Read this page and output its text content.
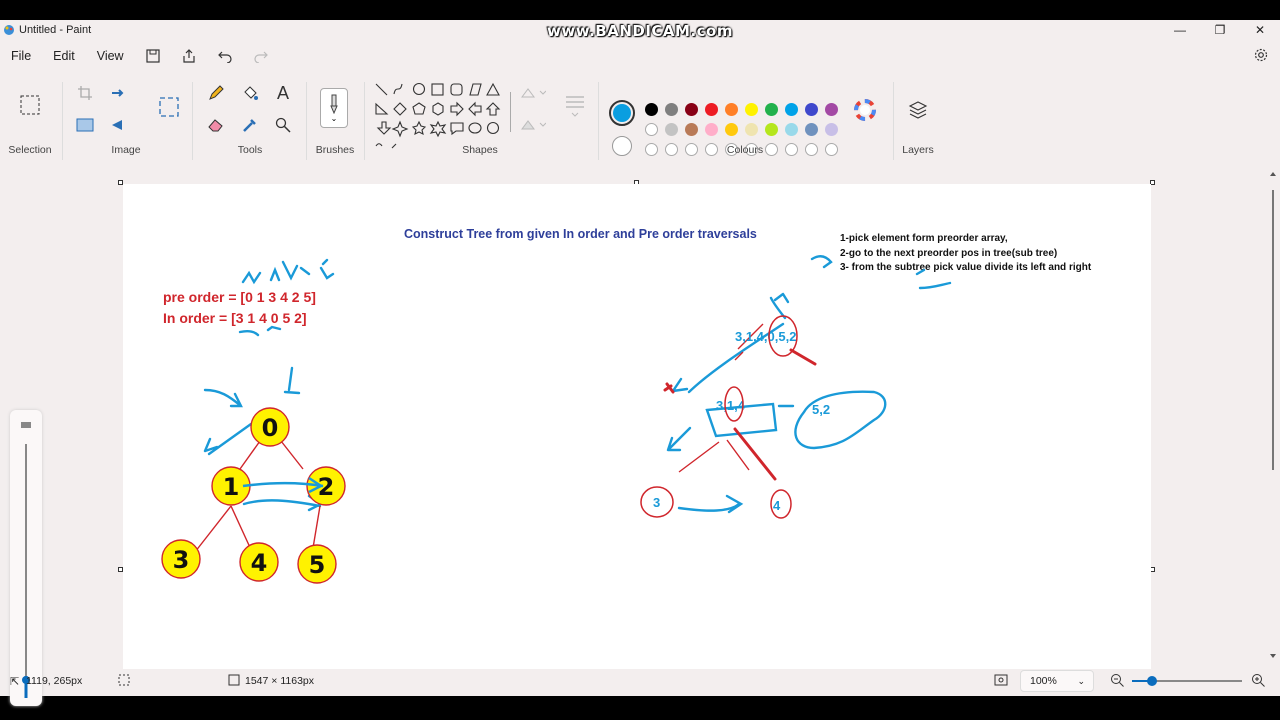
www.BANDICAM.com
Untitled - Paint	—	❐	✕
File	Edit	View
Selection	Image
A
Tools
⌄
Brushes	Shapes	Colours	Layers
Construct Tree from given In order and Pre order traversals	1-pick element form preorder array,
2-go to the next preorder pos in tree(sub tree)
3- from the subtree pick value divide its left and right
pre order = [0 1 3 4 2 5]
In order = [3 1 4 0 5 2]
0
1	2
3	4 5
3,1,4,0,5,2
3,1,4	5,2
3	4
⇱ 1119, 265px	1547 × 1163px	100% ⌄
